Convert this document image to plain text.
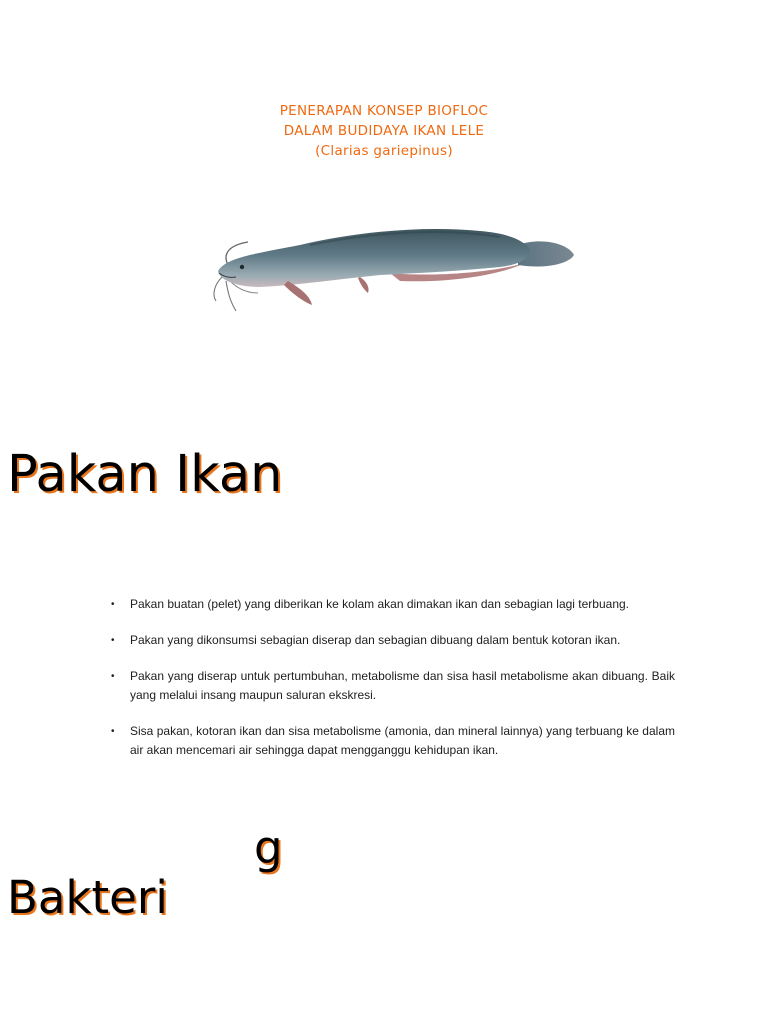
PENERAPAN KONSEP BIOFLOC
DALAM BUDIDAYA IKAN LELE
(Clarias gariepinus)
Pakan Ikan
• Pakan buatan (pelet) yang diberikan ke kolam akan dimakan ikan dan sebagian lagi terbuang.
• Pakan yang dikonsumsi sebagian diserap dan sebagian dibuang dalam bentuk kotoran ikan.
• Pakan yang diserap untuk pertumbuhan, metabolisme dan sisa hasil metabolisme akan dibuang. Baik yang melalui insang maupun saluran ekskresi.
• Sisa pakan, kotoran ikan dan sisa metabolisme (amonia, dan mineral lainnya) yang terbuang ke dalam air akan mencemari air sehingga dapat mengganggu kehidupan ikan.
g
Bakteri
